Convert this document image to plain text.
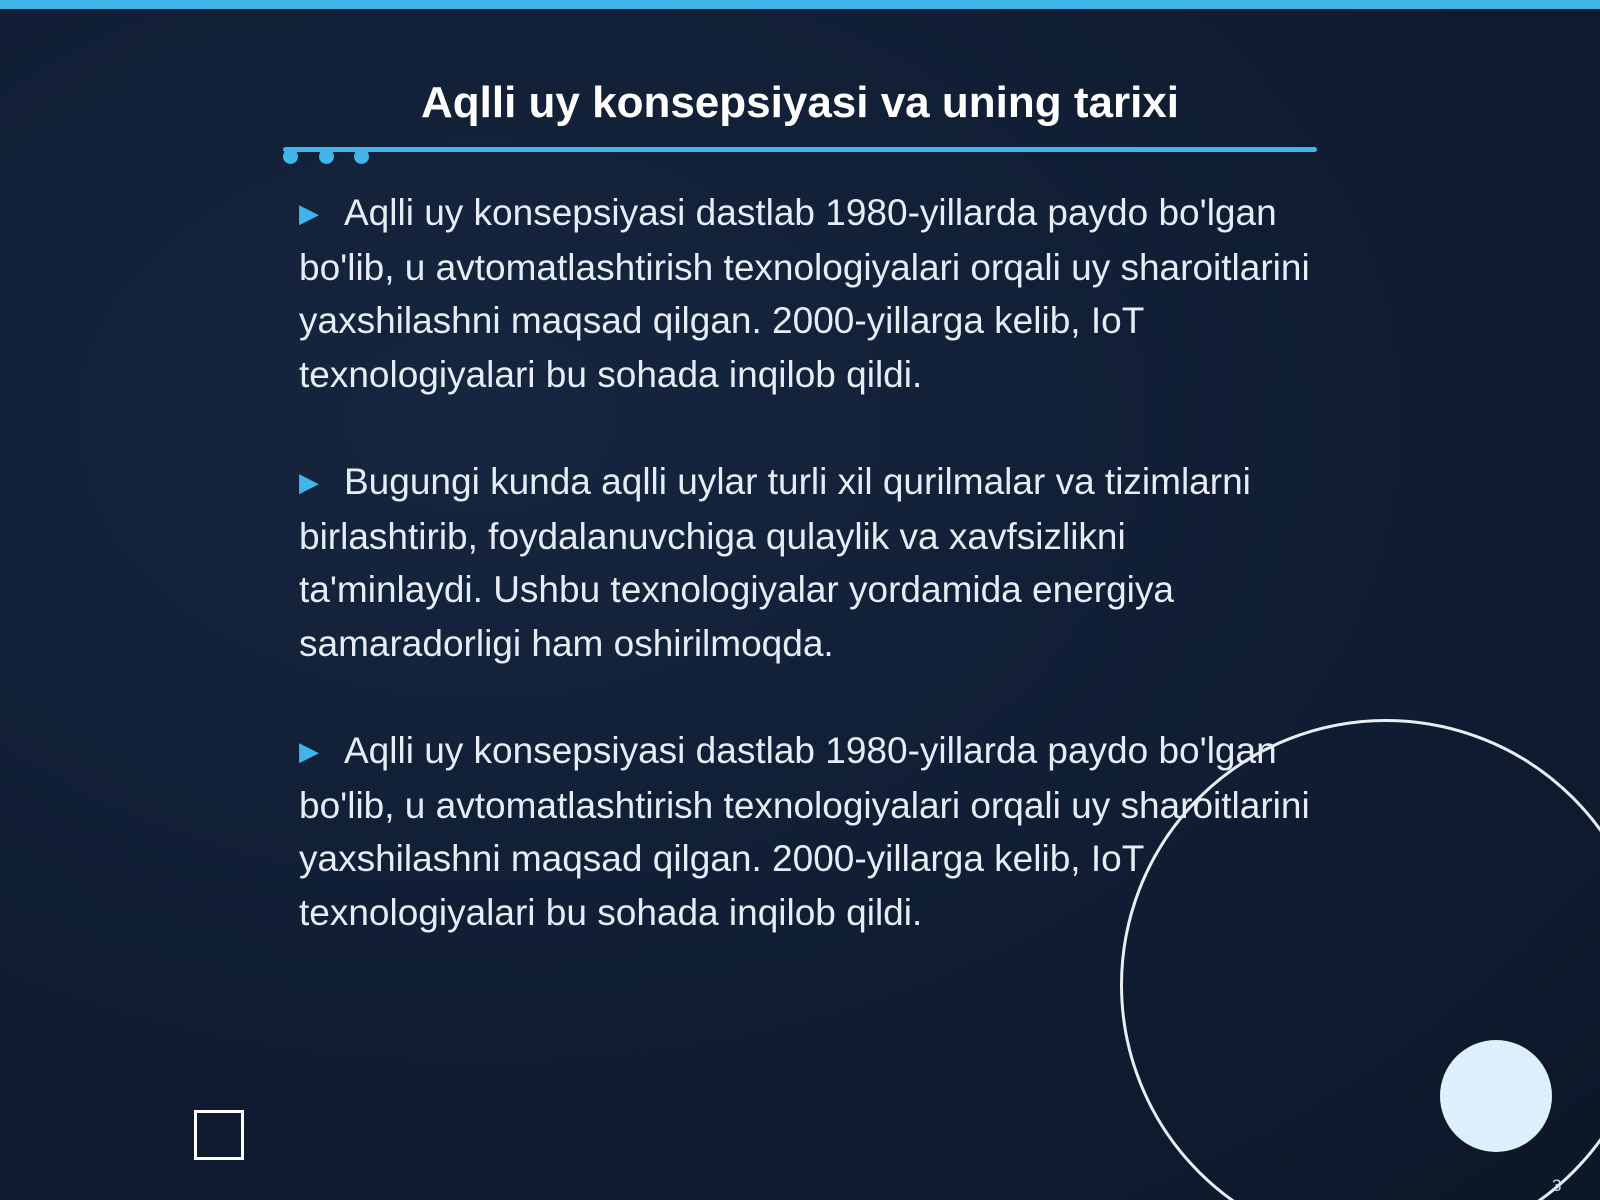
Aqlli uy konsepsiyasi va uning tarixi

▶ Aqlli uy konsepsiyasi dastlab 1980-yillarda paydo bo'lgan bo'lib, u avtomatlashtirish texnologiyalari orqali uy sharoitlarini yaxshilashni maqsad qilgan. 2000-yillarga kelib, IoT texnologiyalari bu sohada inqilob qildi.

▶ Bugungi kunda aqlli uylar turli xil qurilmalar va tizimlarni birlashtirib, foydalanuvchiga qulaylik va xavfsizlikni ta'minlaydi. Ushbu texnologiyalar yordamida energiya samaradorligi ham oshirilmoqda.

▶ Aqlli uy konsepsiyasi dastlab 1980-yillarda paydo bo'lgan bo'lib, u avtomatlashtirish texnologiyalari orqali uy sharoitlarini yaxshilashni maqsad qilgan. 2000-yillarga kelib, IoT texnologiyalari bu sohada inqilob qildi.

3
